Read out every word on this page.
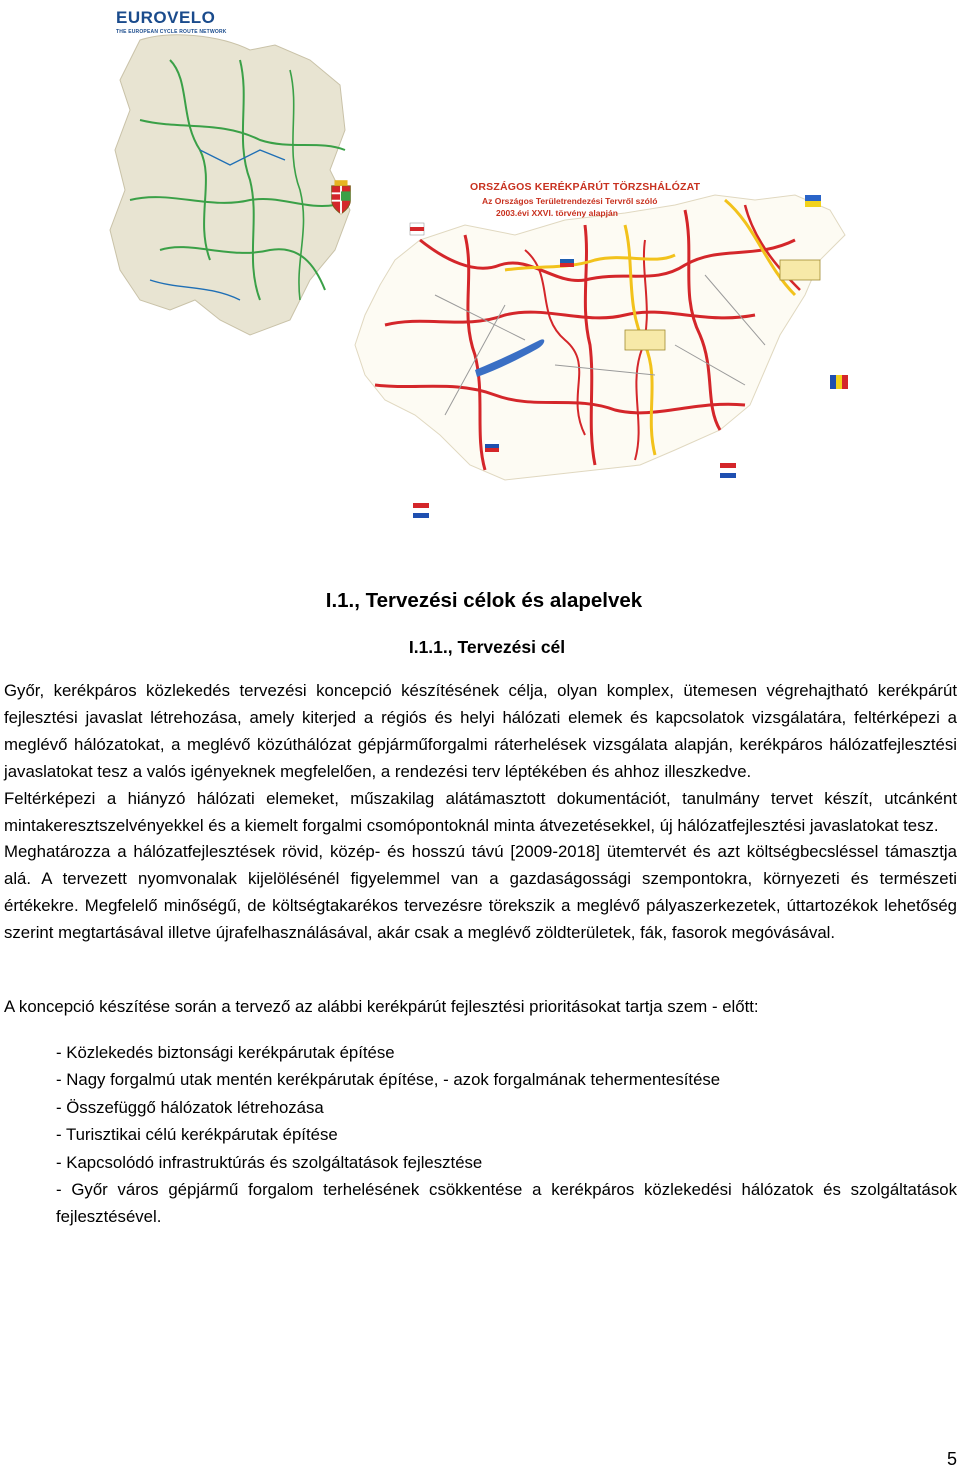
EUROVELO
THE EUROPEAN CYCLE ROUTE NETWORK
ORSZÁGOS KERÉKPÁRÚT TÖRZSHÁLÓZAT
Az Országos Területrendezési Tervről szóló
2003.évi XXVI. törvény alapján
I.1., Tervezési célok és alapelvek
I.1.1., Tervezési cél

Győr, kerékpáros közlekedés tervezési koncepció készítésének célja, olyan komplex, ütemesen végrehajtható kerékpárút fejlesztési javaslat létrehozása, amely kiterjed a régiós és helyi hálózati elemek és kapcsolatok vizsgálatára, feltérképezi a meglévő hálózatokat, a meglévő közúthálózat gépjárműforgalmi ráterhelések vizsgálata alapján, kerékpáros hálózatfejlesztési javaslatokat tesz a valós igényeknek megfelelően, a rendezési terv léptékében és ahhoz illeszkedve.

Feltérképezi a hiányzó hálózati elemeket, műszakilag alátámasztott dokumentációt, tanulmány tervet készít, utcánként mintakeresztszelvényekkel és a kiemelt forgalmi csomópontoknál minta átvezetésekkel, új hálózatfejlesztési javaslatokat tesz.

Meghatározza a hálózatfejlesztések rövid, közép- és hosszú távú [2009-2018] ütemtervét és azt költségbecsléssel támasztja alá. A tervezett nyomvonalak kijelölésénél figyelemmel van a gazdaságossági szempontokra, környezeti és természeti értékekre. Megfelelő minőségű, de költségtakarékos tervezésre törekszik a meglévő pályaszerkezetek, úttartozékok lehetőség szerint megtartásával illetve újrafelhasználásával, akár csak a meglévő zöldterületek, fák, fasorok megóvásával.

A koncepció készítése során a tervező az alábbi kerékpárút fejlesztési prioritásokat tartja szem - előtt:

- Közlekedés biztonsági kerékpárutak építése
- Nagy forgalmú utak mentén kerékpárutak építése, - azok forgalmának tehermentesítése
- Összefüggő hálózatok létrehozása
- Turisztikai célú kerékpárutak építése
- Kapcsolódó infrastruktúrás és szolgáltatások fejlesztése
- Győr város gépjármű forgalom terhelésének csökkentése a kerékpáros közlekedési hálózatok és szolgáltatások fejlesztésével.
5
